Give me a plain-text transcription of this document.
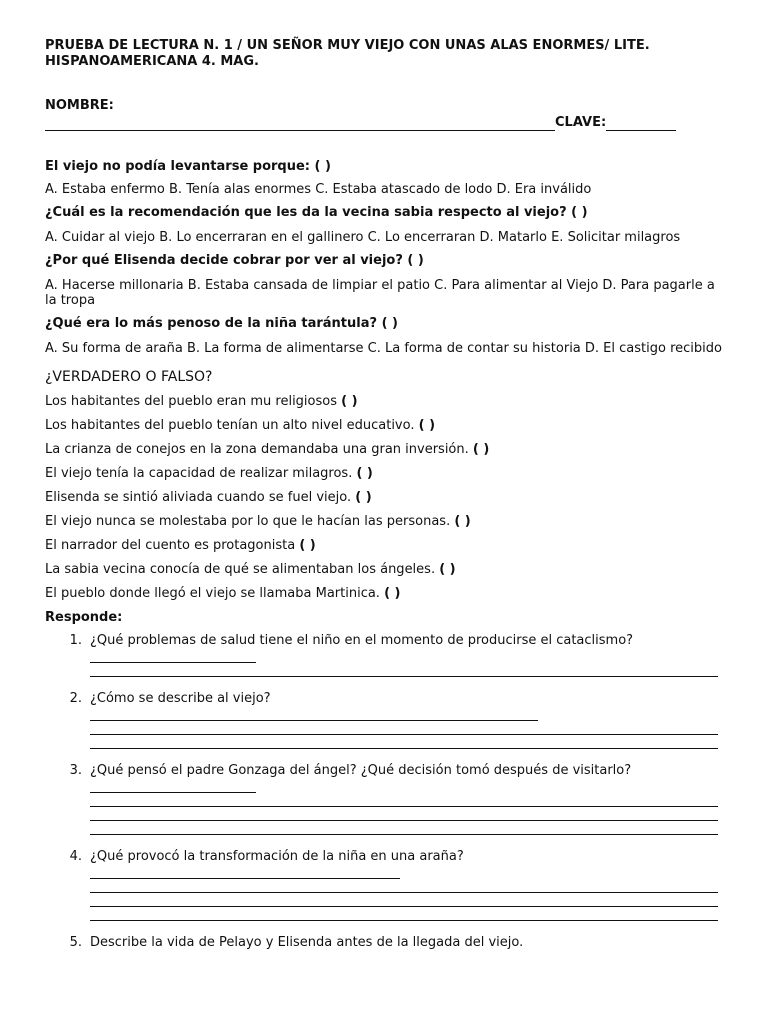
PRUEBA DE LECTURA N. 1 / UN SEÑOR MUY VIEJO CON UNAS ALAS ENORMES/ LITE. HISPANOAMERICANA 4. MAG.

NOMBRE:
CLAVE:
El viejo no podía levantarse porque: ( )
A. Estaba enfermo B. Tenía alas enormes C. Estaba atascado de lodo D. Era inválido
¿Cuál es la recomendación que les da la vecina sabia respecto al viejo? ( )
A. Cuidar al viejo B. Lo encerraran en el gallinero C. Lo encerraran D. Matarlo E. Solicitar milagros
¿Por qué Elisenda decide cobrar por ver al viejo? ( )
A. Hacerse millonaria B. Estaba cansada de limpiar el patio C. Para alimentar al Viejo D. Para pagarle a la tropa
¿Qué era lo más penoso de la niña tarántula? ( )
A. Su forma de araña B. La forma de alimentarse C. La forma de contar su historia D. El castigo recibido
¿VERDADERO O FALSO?
Los habitantes del pueblo eran mu religiosos ( )
Los habitantes del pueblo tenían un alto nivel educativo. ( )
La crianza de conejos en la zona demandaba una gran inversión. ( )
El viejo tenía la capacidad de realizar milagros. ( )
Elisenda se sintió aliviada cuando se fuel viejo. ( )
El viejo nunca se molestaba por lo que le hacían las personas. ( )
El narrador del cuento es protagonista ( )
La sabia vecina conocía de qué se alimentaban los ángeles. ( )
El pueblo donde llegó el viejo se llamaba Martinica. ( )
Responde:
1. ¿Qué problemas de salud tiene el niño en el momento de producirse el cataclismo?
2. ¿Cómo se describe al viejo?
3. ¿Qué pensó el padre Gonzaga del ángel? ¿Qué decisión tomó después de visitarlo?
4. ¿Qué provocó la transformación de la niña en una araña?
5. Describe la vida de Pelayo y Elisenda antes de la llegada del viejo.
